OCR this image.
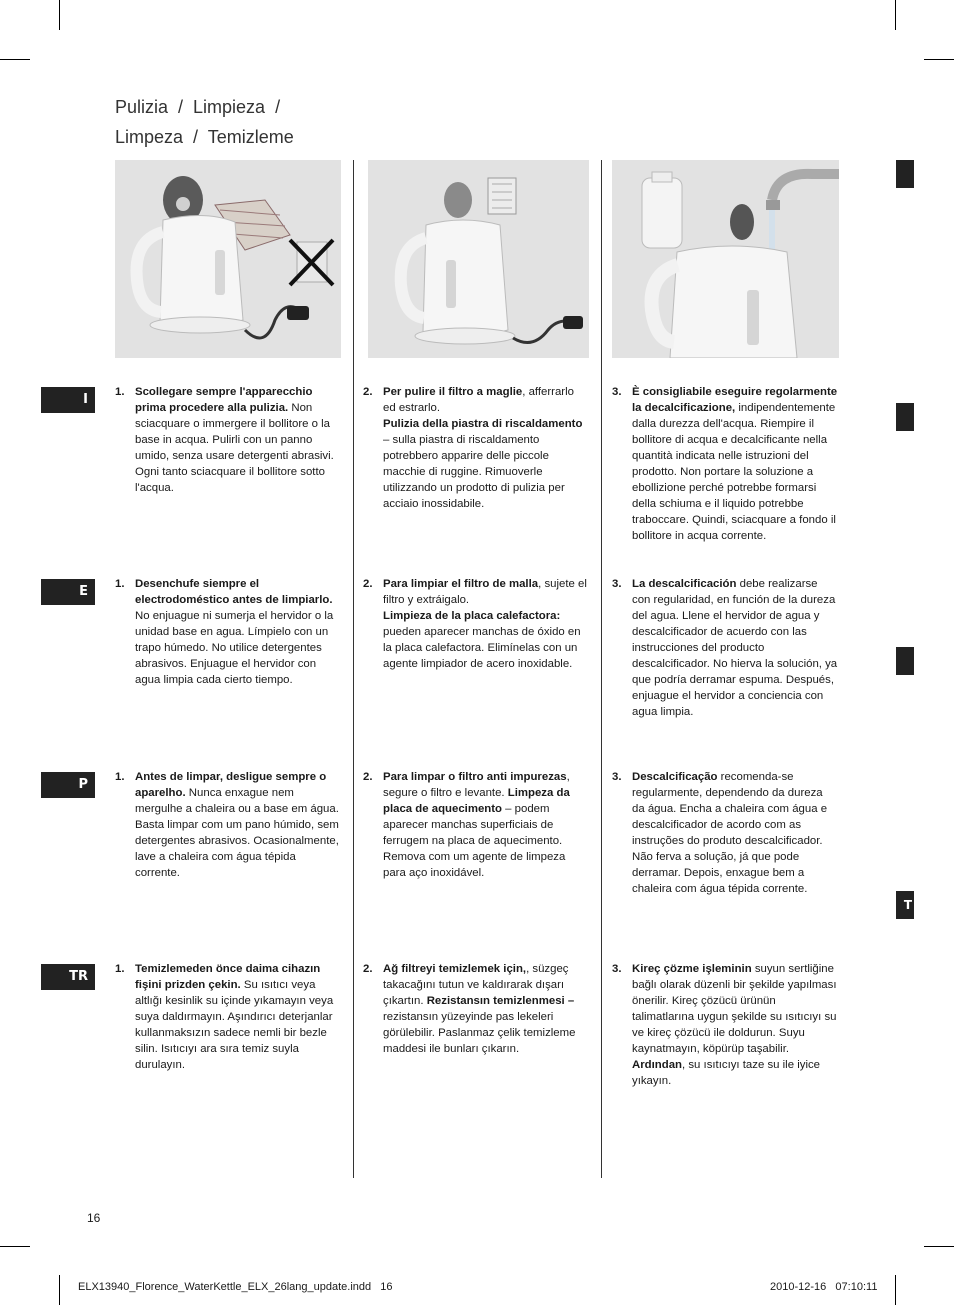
Pulizia  /  Limpieza  /
Limpeza  /  Temizleme
I
E
P
TR
T
1. Scollegare sempre l'apparecchio prima procedere alla pulizia. Non sciacquare o immergere il bollitore o la base in acqua. Pulirli con un panno umido, senza usare detergenti abrasivi. Ogni tanto sciacquare il bollitore sotto l'acqua.
2. Per pulire il filtro a maglie, afferrarlo ed estrarlo.
Pulizia della piastra di riscaldamento – sulla piastra di riscaldamento potrebbero apparire delle piccole macchie di ruggine. Rimuoverle utilizzando un prodotto di pulizia per acciaio inossidabile.
3. È consigliabile eseguire regolarmente la decalcificazione, indipendentemente dalla durezza dell'acqua. Riempire il bollitore di acqua e decalcificante nella quantità indicata nelle istruzioni del prodotto. Non portare la soluzione a ebollizione perché potrebbe formarsi della schiuma e il liquido potrebbe traboccare. Quindi, sciacquare a fondo il bollitore in acqua corrente.
1. Desenchufe siempre el electrodoméstico antes de limpiarlo. No enjuague ni sumerja el hervidor o la unidad base en agua. Límpielo con un trapo húmedo. No utilice detergentes abrasivos. Enjuague el hervidor con agua limpia cada cierto tiempo.
2. Para limpiar el filtro de malla, sujete el filtro y extráigalo.
Limpieza de la placa calefactora: pueden aparecer manchas de óxido en la placa calefactora. Elimínelas con un agente limpiador de acero inoxidable.
3. La descalcificación debe realizarse con regularidad, en función de la dureza del agua. Llene el hervidor de agua y descalcificador de acuerdo con las instrucciones del producto descalcificador. No hierva la solución, ya que podría derramar espuma. Después, enjuague el hervidor a conciencia con agua limpia.
1. Antes de limpar, desligue sempre o aparelho. Nunca enxague nem mergulhe a chaleira ou a base em água. Basta limpar com um pano húmido, sem detergentes abrasivos. Ocasionalmente, lave a chaleira com água tépida corrente.
2. Para limpar o filtro anti impurezas, segure o filtro e levante. Limpeza da placa de aquecimento – podem aparecer manchas superficiais de ferrugem na placa de aquecimento. Remova com um agente de limpeza para aço inoxidável.
3. Descalcificação recomenda-se regularmente, dependendo da dureza da água. Encha a chaleira com água e descalcificador de acordo com as instruções do produto descalcificador. Não ferva a solução, já que pode derramar. Depois, enxague bem a chaleira com água tépida corrente.
1. Temizlemeden önce daima cihazın fişini prizden çekin. Su ısıtıcı veya altlığı kesinlik su içinde yıkamayın veya suya daldırmayın. Aşındırıcı deterjanlar kullanmaksızın sadece nemli bir bezle silin. Isıtıcıyı ara sıra temiz suyla durulayın.
2. Ağ filtreyi temizlemek için,, süzgeç takacağını tutun ve kaldırarak dışarı çıkartın. Rezistansın temizlenmesi – rezistansın yüzeyinde pas lekeleri görülebilir. Paslanmaz çelik temizleme maddesi ile bunları çıkarın.
3. Kireç çözme işleminin suyun sertliğine bağlı olarak düzenli bir şekilde yapılması önerilir. Kireç çözücü ürünün talimatlarına uygun şekilde su ısıtıcıyı su ve kireç çözücü ile doldurun. Suyu kaynatmayın, köpürüp taşabilir. Ardından, su ısıtıcıyı taze su ile iyice yıkayın.
16
ELX13940_Florence_WaterKettle_ELX_26lang_update.indd   16	2010-12-16   07:10:11
